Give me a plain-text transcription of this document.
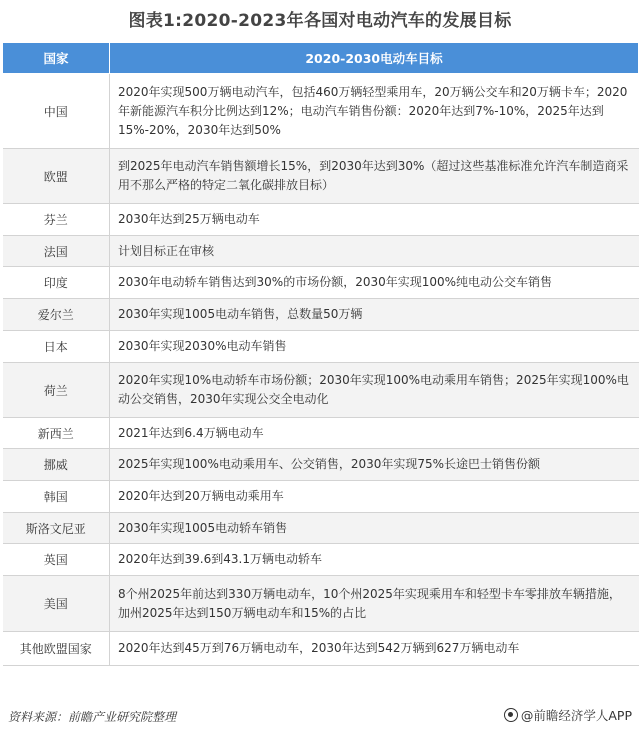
图表1:2020-2023年各国对电动汽车的发展目标
国家	2020-2030电动车目标
中国	2020年实现500万辆电动汽车，包括460万辆轻型乘用车，20万辆公交车和20万辆卡车；2020年新能源汽车积分比例达到12%；电动汽车销售份额：2020年达到7%-10%，2025年达到15%-20%，2030年达到50%
欧盟	到2025年电动汽车销售额增长15%，到2030年达到30%（超过这些基准标准允许汽车制造商采用不那么严格的特定二氧化碳排放目标）
芬兰	2030年达到25万辆电动车
法国	计划目标正在审核
印度	2030年电动轿车销售达到30%的市场份额，2030年实现100%纯电动公交车销售
爱尔兰	2030年实现1005电动车销售，总数量50万辆
日本	2030年实现2030%电动车销售
荷兰	2020年实现10%电动轿车市场份额；2030年实现100%电动乘用车销售；2025年实现100%电动公交销售，2030年实现公交全电动化
新西兰	2021年达到6.4万辆电动车
挪威	2025年实现100%电动乘用车、公交销售，2030年实现75%长途巴士销售份额
韩国	2020年达到20万辆电动乘用车
斯洛文尼亚	2030年实现1005电动轿车销售
英国	2020年达到39.6到43.1万辆电动轿车
美国	8个州2025年前达到330万辆电动车，10个州2025年实现乘用车和轻型卡车零排放车辆措施，加州2025年达到150万辆电动车和15%的占比
其他欧盟国家	2020年达到45万到76万辆电动车，2030年达到542万辆到627万辆电动车
资料来源：前瞻产业研究院整理	@前瞻经济学人APP
